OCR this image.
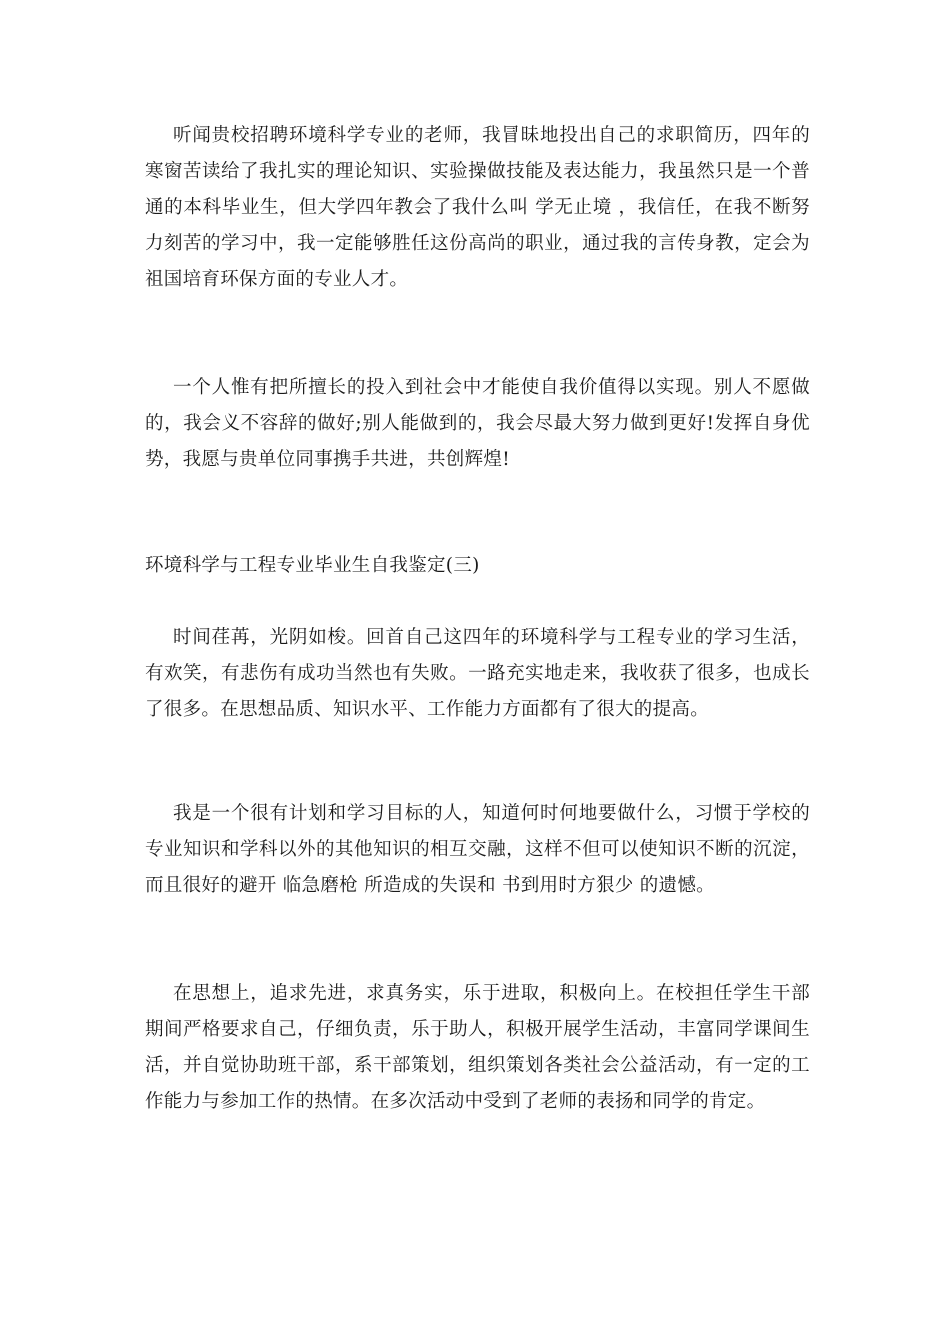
听闻贵校招聘环境科学专业的老师，我冒昧地投出自己的求职简历，四年的寒窗苦读给了我扎实的理论知识、实验操做技能及表达能力，我虽然只是一个普通的本科毕业生，但大学四年教会了我什么叫 学无止境 ，我信任，在我不断努力刻苦的学习中，我一定能够胜任这份高尚的职业，通过我的言传身教，定会为祖国培育环保方面的专业人才。

一个人惟有把所擅长的投入到社会中才能使自我价值得以实现。别人不愿做的，我会义不容辞的做好;别人能做到的，我会尽最大努力做到更好!发挥自身优势，我愿与贵单位同事携手共进，共创辉煌!

环境科学与工程专业毕业生自我鉴定(三)

时间荏苒，光阴如梭。回首自己这四年的环境科学与工程专业的学习生活，有欢笑，有悲伤有成功当然也有失败。一路充实地走来，我收获了很多，也成长了很多。在思想品质、知识水平、工作能力方面都有了很大的提高。

我是一个很有计划和学习目标的人，知道何时何地要做什么，习惯于学校的专业知识和学科以外的其他知识的相互交融，这样不但可以使知识不断的沉淀，而且很好的避开 临急磨枪 所造成的失误和 书到用时方狠少 的遗憾。

在思想上，追求先进，求真务实，乐于进取，积极向上。在校担任学生干部期间严格要求自己，仔细负责，乐于助人，积极开展学生活动，丰富同学课间生活，并自觉协助班干部，系干部策划，组织策划各类社会公益活动，有一定的工作能力与参加工作的热情。在多次活动中受到了老师的表扬和同学的肯定。
